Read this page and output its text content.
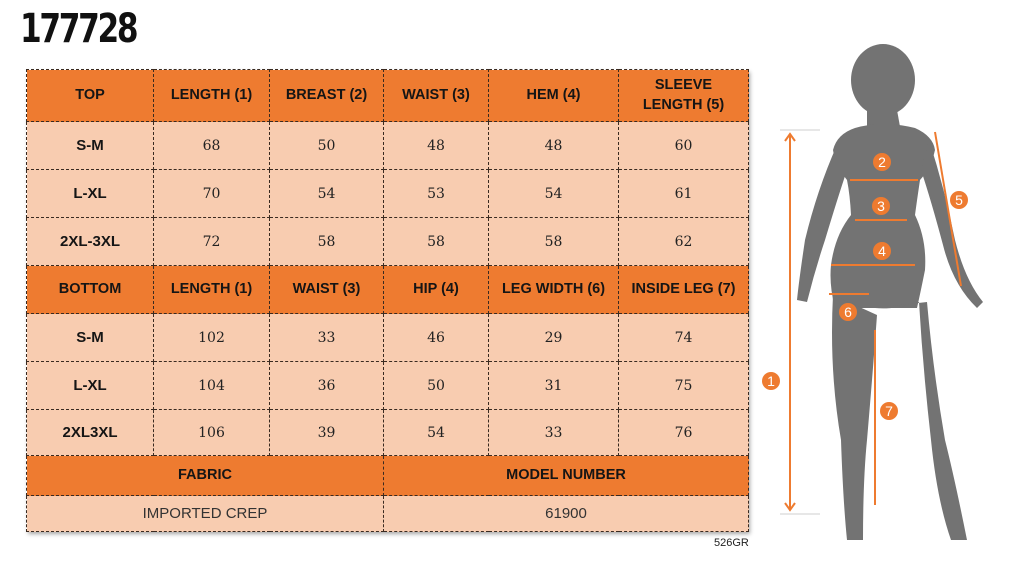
177728
TOP	LENGTH (1)	BREAST (2)	WAIST (3)	HEM (4)	SLEEVE LENGTH (5)
S-M	68	50	48	48	60
L-XL	70	54	53	54	61
2XL-3XL	72	58	58	58	62
BOTTOM	LENGTH (1)	WAIST (3)	HIP (4)	LEG WIDTH (6)	INSIDE LEG (7)
S-M	102	33	46	29	74
L-XL	104	36	50	31	75
2XL3XL	106	39	54	33	76
FABRIC			MODEL NUMBER		
IMPORTED CREP			61900		
526GR
1
2
3
4
5
6
7
